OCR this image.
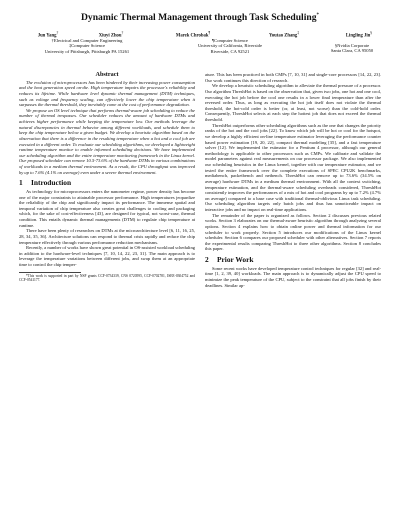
Dynamic Thermal Management through Task Scheduling*
Jun Yang†
Xiuyi Zhou†
Marek Chrobak¶
Youtao Zhang‡
Lingling Jin§
†Electrical and Computer Engineering
‡Computer Science
University of Pittsburgh, Pittsburgh PA 15261
¶Computer Science
University of California, Riverside
Riverside, CA 92521
§Nvidia Corporate
Santa Clara, CA 95050
Abstract

The evolution of microprocessors has been hindered by their increasing power consumption and the heat generation speed on-die. High temperature impairs the processor's reliability and reduces its lifetime. While hardware level dynamic thermal management (DTM) techniques, such as voltage and frequency scaling, can effectively lower the chip temperature when it surpasses the thermal threshold, they inevitably come at the cost of performance degradation.

We propose an OS level technique that performs thermal-aware job scheduling to reduce the number of thermal trespasses. Our scheduler reduces the amount of hardware DTMs and achieves higher performance while keeping the temperature low. Our methods leverage the natural discrepancies in thermal behavior among different workloads, and schedule them to keep the chip temperature below a given budget. We develop a heuristic algorithm based on the observation that there is a difference in the resulting temperature when a hot and a cool job are executed in a different order. To evaluate our scheduling algorithms, we developed a lightweight runtime temperature monitor to enable informed scheduling decisions. We have implemented our scheduling algorithm and the entire temperature monitoring framework in the Linux kernel. Our proposed scheduler can remove 10.5-73.6% of the hardware DTMs in various combinations of workloads in a medium thermal environment. As a result, the CPU throughput was improved by up to 7.6% (4.1% on average) even under a severe thermal environment.

1 Introduction

As technology for microprocessors enters the nanometer regime, power density has become one of the major constraints to attainable processor performance. High temperatures jeopardize the reliability of the chip and significantly impact its performance. The immense spatial and temporal variation of chip temperature also creates great challenges to cooling and packaging which, for the sake of cost-effectiveness [43], are designed for typical, not worst-case, thermal condition. This entails dynamic thermal managements (DTM) to regulate chip temperature at runtime.

There have been plenty of researches on DTMs at the microarchitecture level [6, 11, 16, 25, 28, 34, 35, 36]. Architecture solutions can respond to thermal crisis rapidly and reduce the chip temperature effectively through various performance reduction mechanisms.

Recently, a number of works have shown great potential in OS-assisted workload scheduling in addition to the hardware-level techniques [7, 10, 14, 22, 23, 31]. The main approach is to leverage the temperature variations between different jobs, and swap them at an appropriate time to control the chip temper-

*This work is supported in part by NSF grants CCF-0734339, CNS 0720595, CCF-0702781, ISEE-0304752 and CCF-0541177.

ature. This has been practiced in both CMPs [7, 10, 31] and single-core processors [14, 22, 23]. Our work continues this direction of research.

We develop a heuristic scheduling algorithm to alleviate the thermal pressure of a processor. Our algorithm ThreshHot is based on the observation that, given two jobs, one hot and one cool, executing the hot job before the cool one results in a lower final temperature than after the reversed order. Thus, as long as executing the hot job itself does not violate the thermal threshold, the hot-cold order is better (or, at least, not worse) than the cold-hold order. Consequently, ThreshHot selects at each step the hottest job that does not exceed the thermal threshold.

ThreshHot outperforms other scheduling algorithms such as the one that changes the priority ranks of the hot and the cool jobs [22]. To know which job will be hot or cool for the hotspot, we develop a highly efficient on-line temperature estimator leveraging the performance counter based power estimation [19, 20, 22], compact thermal modeling [35], and a fast temperature solver [12]. We implemented the estimator for a Pentium 4 processor, although our general methodology is applicable to other processors such as CMPs. We calibrate and validate the model parameters against real measurements on our processor package. We also implemented our scheduling heuristics in the Linux kernel, together with our temperature estimator, and we tested the entire framework over the complete executions of SPEC CPU2K benchmarks, mediabench, packetbench and netbench. ThreshHot can remove up to 73.6% (34.5% on average) hardware DTMs in a medium thermal environment. With all the context switching, temperature estimation, and the thermal-aware scheduling overheads considered, ThreshHot consistently improves the performances of a mix of hot and cool programs by up to 7.2% (4.7% on average) compared to a base case with traditional thermal-oblivious Linux task scheduling. Our scheduling algorithm targets only batch jobs and thus has unnoticeable impact on interactive jobs and no impact on real-time applications.

The remainder of the paper is organized as follows. Section 2 discusses previous related works. Section 3 elaborates on our thermal-aware heuristic algorithm through analyzing several options. Section 4 explains how to obtain online power and thermal information for our scheduler to work properly. Section 5 introduces our modifications of the Linux kernel scheduler. Section 6 compares our proposed scheduler with other alternatives. Section 7 reports the experimental results comparing ThreshHot to three other algorithms. Section 8 concludes this paper.

2 Prior Work

Some recent works have developed temperature control techniques for regular [32] and real-time [1, 2, 39, 40] workloads. The main approach is to dynamically adjust the CPU speed to minimize the peak temperature of the CPU, subject to the constraint that all jobs finish by their deadlines. Similar ap-
